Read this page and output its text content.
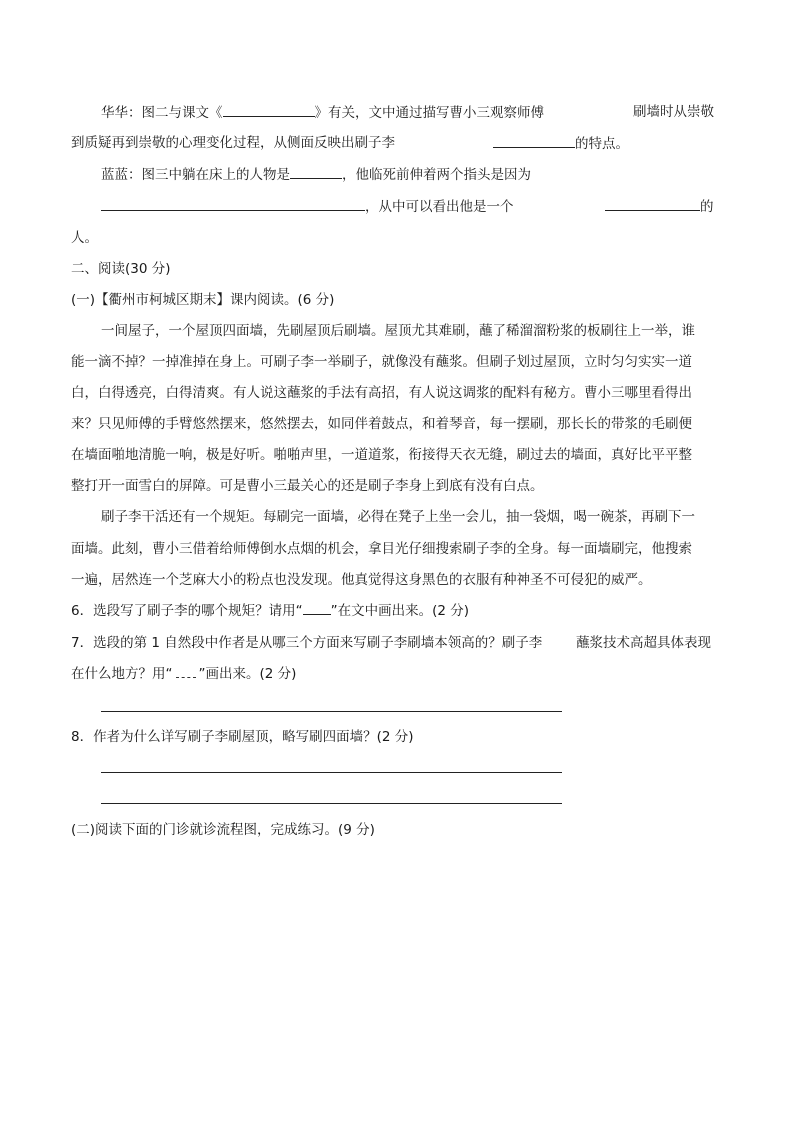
华华：图二与课文《	》有关，文中通过描写曹小三观察师傅	刷墙时从崇敬
到质疑再到崇敬的心理变化过程，从侧面反映出刷子李	的特点。
蓝蓝：图三中躺在床上的人物是	，他临死前伸着两个指头是因为
，从中可以看出他是一个	的
人。
二、阅读(30 分)
(一)【衢州市柯城区期末】课内阅读。(6 分)
一间屋子，一个屋顶四面墙，先刷屋顶后刷墙。屋顶尤其难刷，蘸了稀溜溜粉浆的板刷往上一举，谁
能一滴不掉？一掉准掉在身上。可刷子李一举刷子，就像没有蘸浆。但刷子划过屋顶，立时匀匀实实一道
白，白得透亮，白得清爽。有人说这蘸浆的手法有高招，有人说这调浆的配料有秘方。曹小三哪里看得出
来？只见师傅的手臂悠然摆来，悠然摆去，如同伴着鼓点，和着琴音，每一摆刷，那长长的带浆的毛刷便
在墙面啪地清脆一响，极是好听。啪啪声里，一道道浆，衔接得天衣无缝，刷过去的墙面，真好比平平整
整打开一面雪白的屏障。可是曹小三最关心的还是刷子李身上到底有没有白点。
刷子李干活还有一个规矩。每刷完一面墙，必得在凳子上坐一会儿，抽一袋烟，喝一碗茶，再刷下一
面墙。此刻，曹小三借着给师傅倒水点烟的机会，拿目光仔细搜索刷子李的全身。每一面墙刷完，他搜索
一遍，居然连一个芝麻大小的粉点也没发现。他真觉得这身黑色的衣服有种神圣不可侵犯的威严。
6．选段写了刷子李的哪个规矩？请用“ ”在文中画出来。(2 分)
7．选段的第 1 自然段中作者是从哪三个方面来写刷子李刷墙本领高的？刷子李 蘸浆技术高超具体表现
在什么地方？用“ ”画出来。(2 分)
8．作者为什么详写刷子李刷屋顶，略写刷四面墙？(2 分)
(二)阅读下面的门诊就诊流程图，完成练习。(9 分)
